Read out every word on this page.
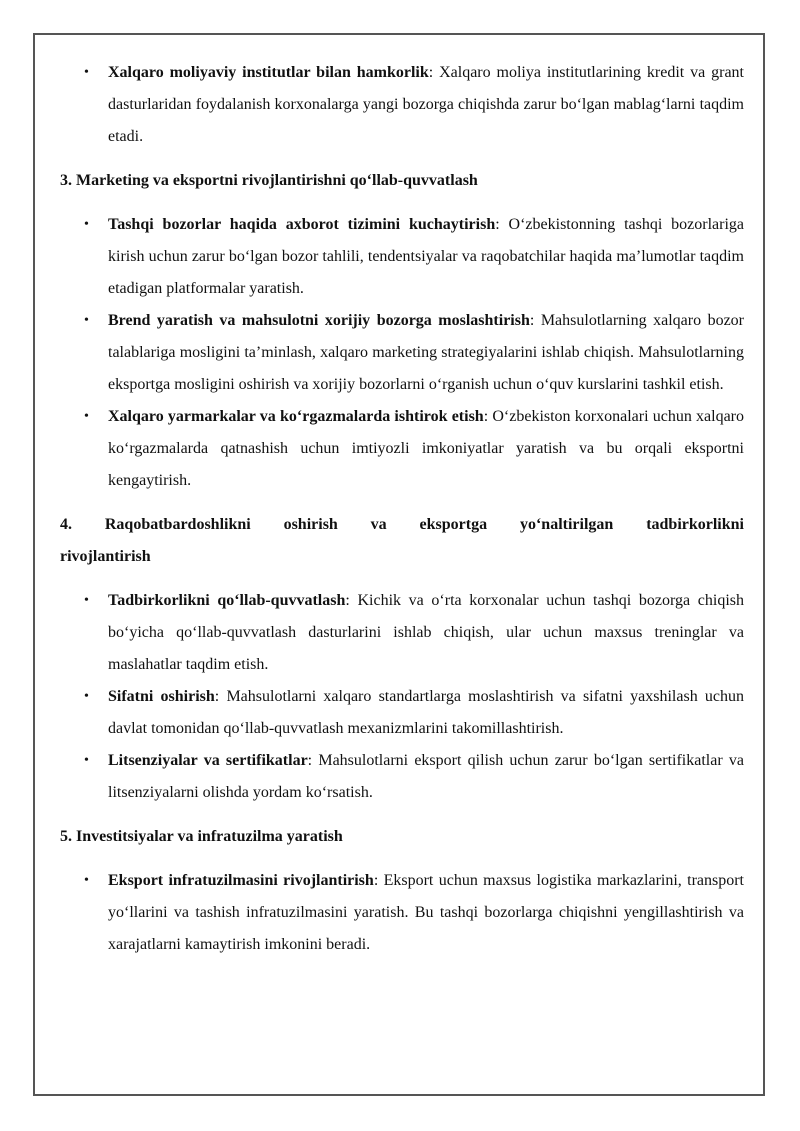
•	Xalqaro moliyaviy institutlar bilan hamkorlik: Xalqaro moliya institutlarining kredit va grant dasturlaridan foydalanish korxonalarga yangi bozorga chiqishda zarur bo‘lgan mablag‘larni taqdim etadi.
3. Marketing va eksportni rivojlantirishni qo‘llab-quvvatlash
•	Tashqi bozorlar haqida axborot tizimini kuchaytirish: O‘zbekistonning tashqi bozorlariga kirish uchun zarur bo‘lgan bozor tahlili, tendentsiyalar va raqobatchilar haqida ma’lumotlar taqdim etadigan platformalar yaratish.
•	Brend yaratish va mahsulotni xorijiy bozorga moslashtirish: Mahsulotlarning xalqaro bozor talablariga mosligini ta’minlash, xalqaro marketing strategiyalarini ishlab chiqish. Mahsulotlarning eksportga mosligini oshirish va xorijiy bozorlarni o‘rganish uchun o‘quv kurslarini tashkil etish.
•	Xalqaro yarmarkalar va ko‘rgazmalarda ishtirok etish: O‘zbekiston korxonalari uchun xalqaro ko‘rgazmalarda qatnashish uchun imtiyozli imkoniyatlar yaratish va bu orqali eksportni kengaytirish.
4. Raqobatbardoshlikni oshirish va eksportga yo‘naltirilgan tadbirkorlikni
rivojlantirish
•	Tadbirkorlikni qo‘llab-quvvatlash: Kichik va o‘rta korxonalar uchun tashqi bozorga chiqish bo‘yicha qo‘llab-quvvatlash dasturlarini ishlab chiqish, ular uchun maxsus treninglar va maslahatlar taqdim etish.
•	Sifatni oshirish: Mahsulotlarni xalqaro standartlarga moslashtirish va sifatni yaxshilash uchun davlat tomonidan qo‘llab-quvvatlash mexanizmlarini takomillashtirish.
•	Litsenziyalar va sertifikatlar: Mahsulotlarni eksport qilish uchun zarur bo‘lgan sertifikatlar va litsenziyalarni olishda yordam ko‘rsatish.
5. Investitsiyalar va infratuzilma yaratish
•	Eksport infratuzilmasini rivojlantirish: Eksport uchun maxsus logistika markazlarini, transport yo‘llarini va tashish infratuzilmasini yaratish. Bu tashqi bozorlarga chiqishni yengillashtirish va xarajatlarni kamaytirish imkonini beradi.
